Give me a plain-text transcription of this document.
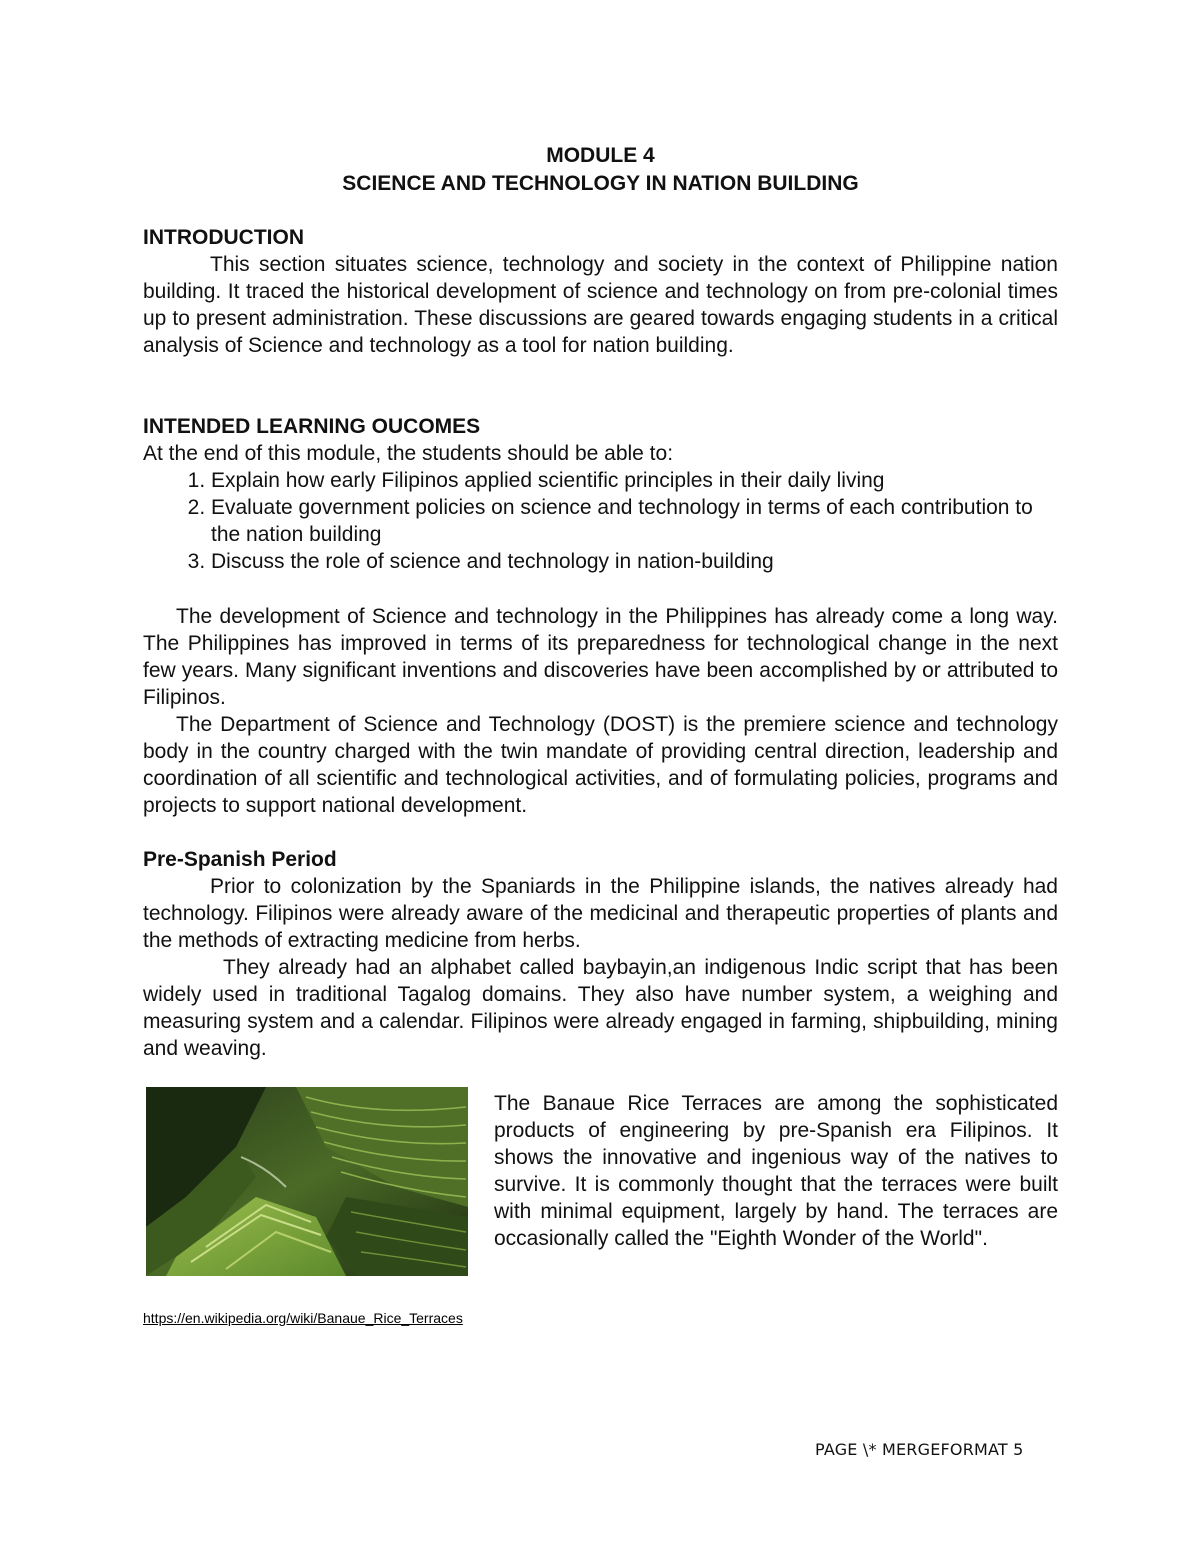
MODULE 4
SCIENCE AND TECHNOLOGY IN NATION BUILDING
INTRODUCTION

This section situates science, technology and society in the context of Philippine nation building. It traced the historical development of science and technology on from pre-colonial times up to present administration. These discussions are geared towards engaging students in a critical analysis of Science and technology as a tool for nation building.

INTENDED LEARNING OUCOMES

At the end of this module, the students should be able to:

1. Explain how early Filipinos applied scientific principles in their daily living
2. Evaluate government policies on science and technology in terms of each contribution to the nation building
3. Discuss the role of science and technology in nation-building

The development of Science and technology in the Philippines has already come a long way. The Philippines has improved in terms of its preparedness for technological change in the next few years. Many significant inventions and discoveries have been accomplished by or attributed to Filipinos.

The Department of Science and Technology (DOST) is the premiere science and technology body in the country charged with the twin mandate of providing central direction, leadership and coordination of all scientific and technological activities, and of formulating policies, programs and projects to support national development.

Pre-Spanish Period

Prior to colonization by the Spaniards in the Philippine islands, the natives already had technology. Filipinos were already aware of the medicinal and therapeutic properties of plants and the methods of extracting medicine from herbs.

They already had an alphabet called baybayin,an indigenous Indic script that has been widely used in traditional Tagalog domains. They also have number system, a weighing and measuring system and a calendar. Filipinos were already engaged in farming, shipbuilding, mining and weaving.

The Banaue Rice Terraces are among the sophisticated products of engineering by pre-Spanish era Filipinos. It shows the innovative and ingenious way of the natives to survive. It is commonly thought that the terraces were built with minimal equipment, largely by hand. The terraces are occasionally called the "Eighth Wonder of the World".

https://en.wikipedia.org/wiki/Banaue_Rice_Terraces
PAGE \* MERGEFORMAT 5
